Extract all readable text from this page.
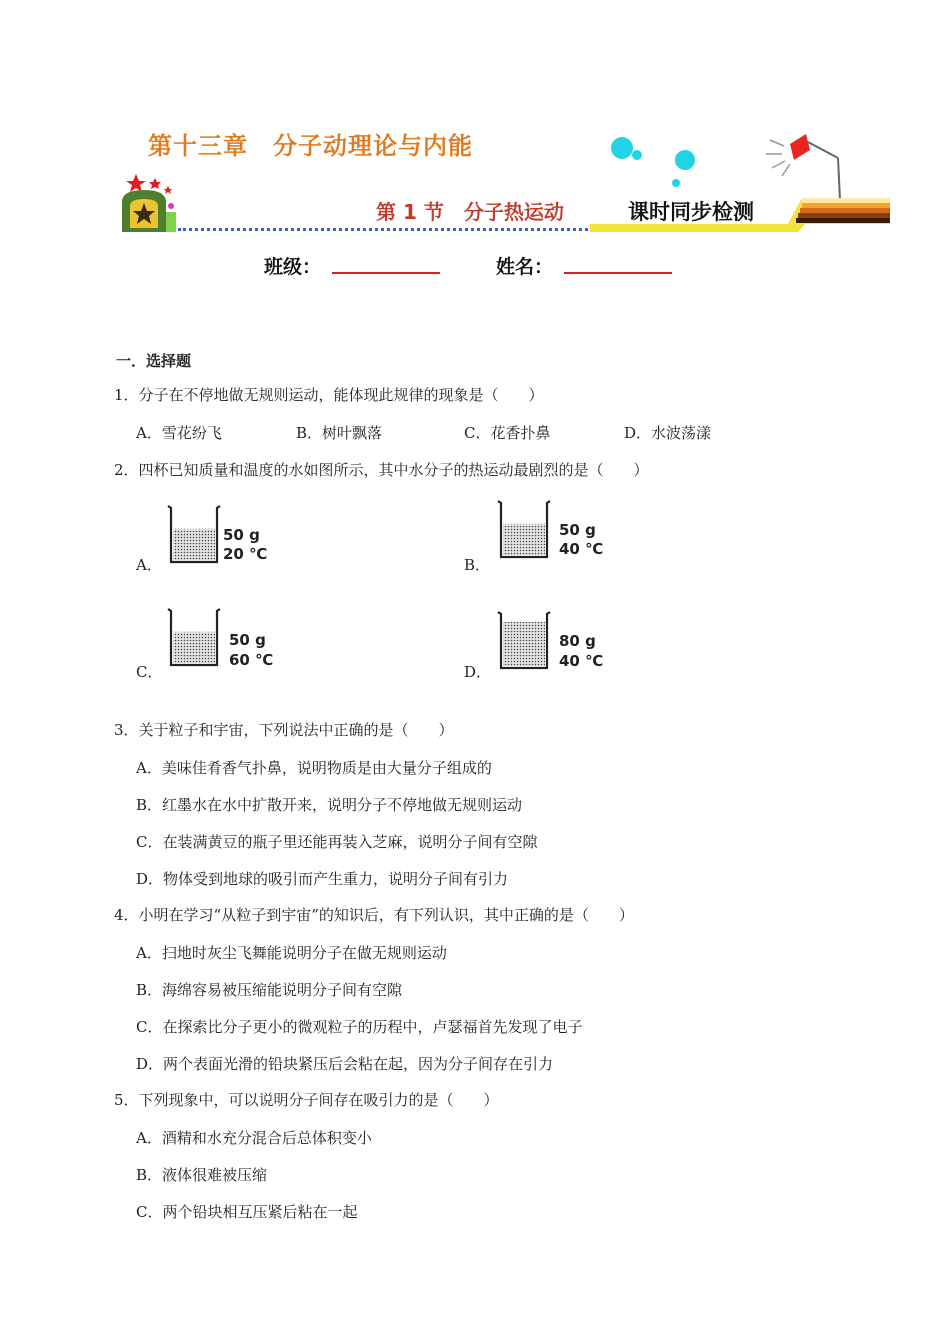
第十三章　分子动理论与内能
第 1 节　分子热运动	课时同步检测
班级：	姓名：
一．选择题
1．分子在不停地做无规则运动，能体现此规律的现象是（　　）
A．雪花纷飞	B．树叶飘落	C．花香扑鼻	D．水波荡漾
2．四杯已知质量和温度的水如图所示，其中水分子的热运动最剧烈的是（　　）
A．
50 g
20 ℃
B．
50 g
40 ℃
C．
50 g
60 ℃
D．
80 g
40 ℃
3．关于粒子和宇宙，下列说法中正确的是（　　）
A．美味佳肴香气扑鼻，说明物质是由大量分子组成的
B．红墨水在水中扩散开来，说明分子不停地做无规则运动
C．在装满黄豆的瓶子里还能再装入芝麻，说明分子间有空隙
D．物体受到地球的吸引而产生重力，说明分子间有引力
4．小明在学习“从粒子到宇宙”的知识后，有下列认识，其中正确的是（　　）
A．扫地时灰尘飞舞能说明分子在做无规则运动
B．海绵容易被压缩能说明分子间有空隙
C．在探索比分子更小的微观粒子的历程中，卢瑟福首先发现了电子
D．两个表面光滑的铅块紧压后会粘在起，因为分子间存在引力
5．下列现象中，可以说明分子间存在吸引力的是（　　）
A．酒精和水充分混合后总体积变小
B．液体很难被压缩
C．两个铅块相互压紧后粘在一起
